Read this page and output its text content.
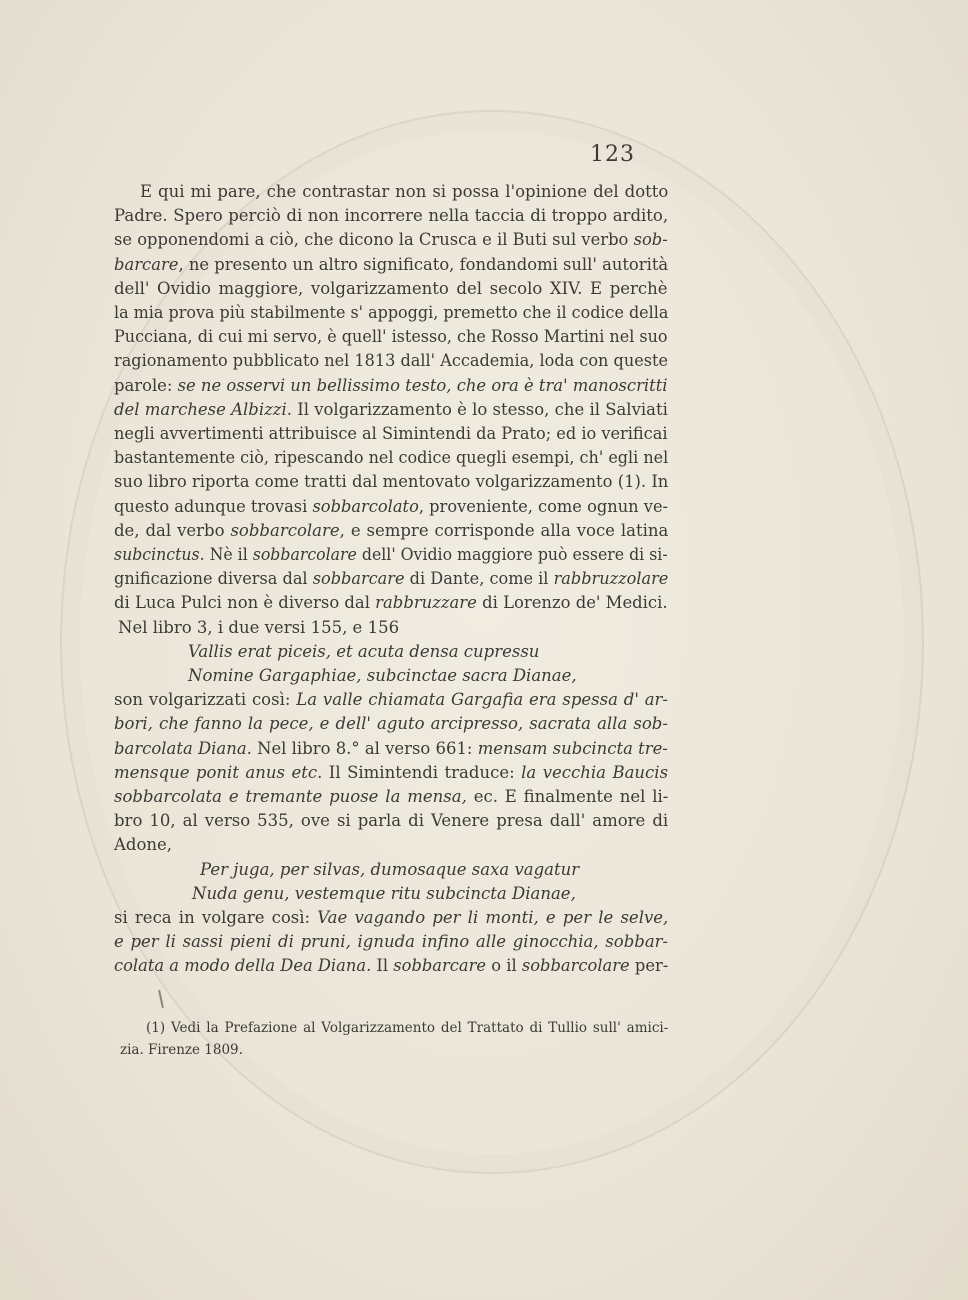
123
E qui mi pare, che contrastar non si possa l'opinione del dotto
Padre. Spero perciò di non incorrere nella taccia di troppo ardito,
se opponendomi a ciò, che dicono la Crusca e il Buti sul verbo sob-
barcare, ne presento un altro significato, fondandomi sull' autorità
dell' Ovidio maggiore, volgarizzamento del secolo XIV. E perchè
la mia prova più stabilmente s' appoggi, premetto che il codice della
Pucciana, di cui mi servo, è quell' istesso, che Rosso Martini nel suo
ragionamento pubblicato nel 1813 dall' Accademia, loda con queste
parole: se ne osservi un bellissimo testo, che ora è tra' manoscritti
del marchese Albizzi. Il volgarizzamento è lo stesso, che il Salviati
negli avvertimenti attribuisce al Simintendi da Prato; ed io verificai
bastantemente ciò, ripescando nel codice quegli esempi, ch' egli nel
suo libro riporta come tratti dal mentovato volgarizzamento (1). In
questo adunque trovasi sobbarcolato, proveniente, come ognun ve-
de, dal verbo sobbarcolare, e sempre corrisponde alla voce latina
subcinctus. Nè il sobbarcolare dell' Ovidio maggiore può essere di si-
gnificazione diversa dal sobbarcare di Dante, come il rabbruzzolare
di Luca Pulci non è diverso dal rabbruzzare di Lorenzo de' Medici.
Nel libro 3, i due versi 155, e 156
Vallis erat piceis, et acuta densa cupressu
Nomine Gargaphiae, subcinctae sacra Dianae,
son volgarizzati così: La valle chiamata Gargafia era spessa d' ar-
bori, che fanno la pece, e dell' aguto arcipresso, sacrata alla sob-
barcolata Diana. Nel libro 8.° al verso 661: mensam subcincta tre-
mensque ponit anus etc. Il Simintendi traduce: la vecchia Baucis
sobbarcolata e tremante puose la mensa, ec. E finalmente nel li-
bro 10, al verso 535, ove si parla di Venere presa dall' amore di
Adone,
Per juga, per silvas, dumosaque saxa vagatur
Nuda genu, vestemque ritu subcincta Dianae,
si reca in volgare così: Vae vagando per li monti, e per le selve,
e per li sassi pieni di pruni, ignuda infino alle ginocchia, sobbar-
colata a modo della Dea Diana. Il sobbarcare o il sobbarcolare per-
(1) Vedi la Prefazione al Volgarizzamento del Trattato di Tullio sull' amici-
zia. Firenze 1809.
